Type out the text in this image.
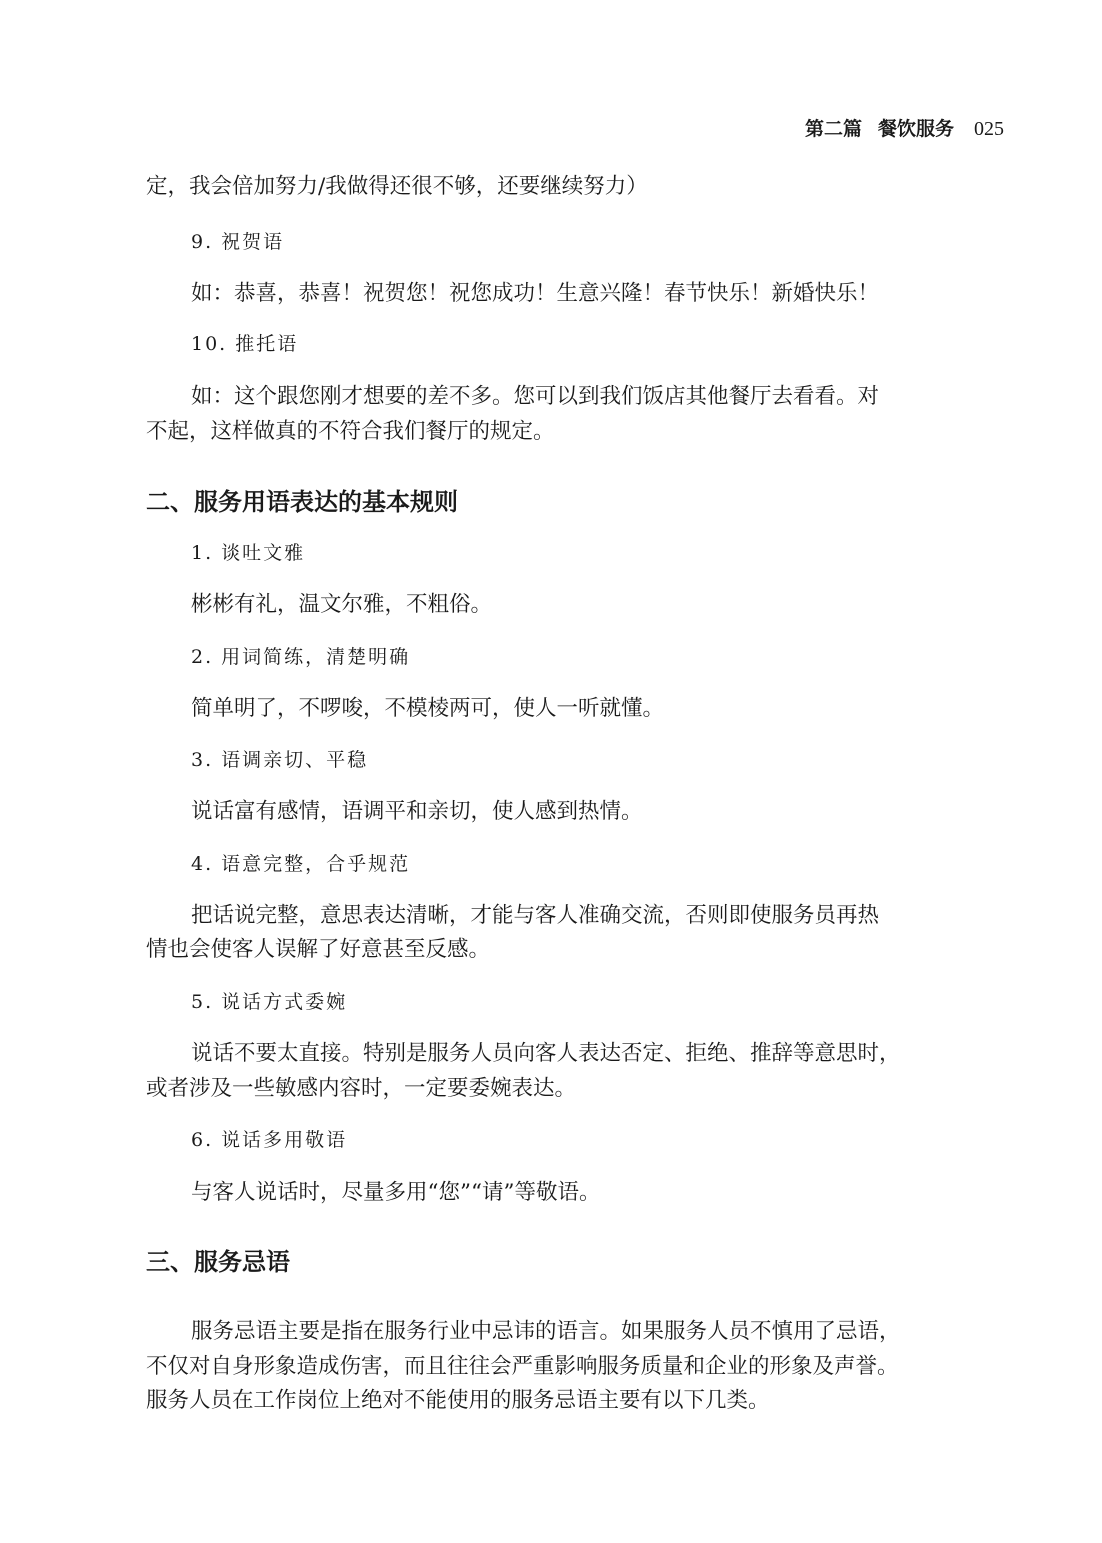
第二篇 餐饮服务 025
定，我会倍加努力/我做得还很不够，还要继续努力）
9. 祝贺语
如：恭喜，恭喜！祝贺您！祝您成功！生意兴隆！春节快乐！新婚快乐！
10. 推托语
如：这个跟您刚才想要的差不多。您可以到我们饭店其他餐厅去看看。对
不起，这样做真的不符合我们餐厅的规定。
二、服务用语表达的基本规则
1. 谈吐文雅
彬彬有礼，温文尔雅，不粗俗。
2. 用词简练，清楚明确
简单明了，不啰唆，不模棱两可，使人一听就懂。
3. 语调亲切、平稳
说话富有感情，语调平和亲切，使人感到热情。
4. 语意完整，合乎规范
把话说完整，意思表达清晰，才能与客人准确交流，否则即使服务员再热
情也会使客人误解了好意甚至反感。
5. 说话方式委婉
说话不要太直接。特别是服务人员向客人表达否定、拒绝、推辞等意思时，
或者涉及一些敏感内容时，一定要委婉表达。
6. 说话多用敬语
与客人说话时，尽量多用“您”“请”等敬语。
三、服务忌语
服务忌语主要是指在服务行业中忌讳的语言。如果服务人员不慎用了忌语，
不仅对自身形象造成伤害，而且往往会严重影响服务质量和企业的形象及声誉。
服务人员在工作岗位上绝对不能使用的服务忌语主要有以下几类。
